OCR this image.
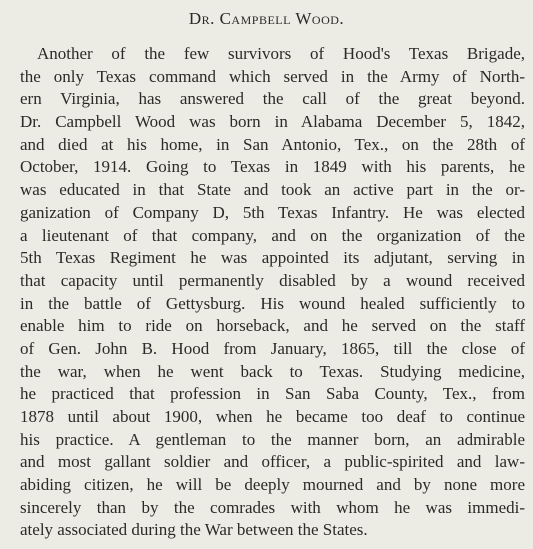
Dr. Campbell Wood.
Another of the few survivors of Hood's Texas Brigade,
the only Texas command which served in the Army of North-
ern Virginia, has answered the call of the great beyond.
Dr. Campbell Wood was born in Alabama December 5, 1842,
and died at his home, in San Antonio, Tex., on the 28th of
October, 1914. Going to Texas in 1849 with his parents, he
was educated in that State and took an active part in the or-
ganization of Company D, 5th Texas Infantry. He was elected
a lieutenant of that company, and on the organization of the
5th Texas Regiment he was appointed its adjutant, serving in
that capacity until permanently disabled by a wound received
in the battle of Gettysburg. His wound healed sufficiently to
enable him to ride on horseback, and he served on the staff
of Gen. John B. Hood from January, 1865, till the close of
the war, when he went back to Texas. Studying medicine,
he practiced that profession in San Saba County, Tex., from
1878 until about 1900, when he became too deaf to continue
his practice. A gentleman to the manner born, an admirable
and most gallant soldier and officer, a public-spirited and law-
abiding citizen, he will be deeply mourned and by none more
sincerely than by the comrades with whom he was immedi-
ately associated during the War between the States.
